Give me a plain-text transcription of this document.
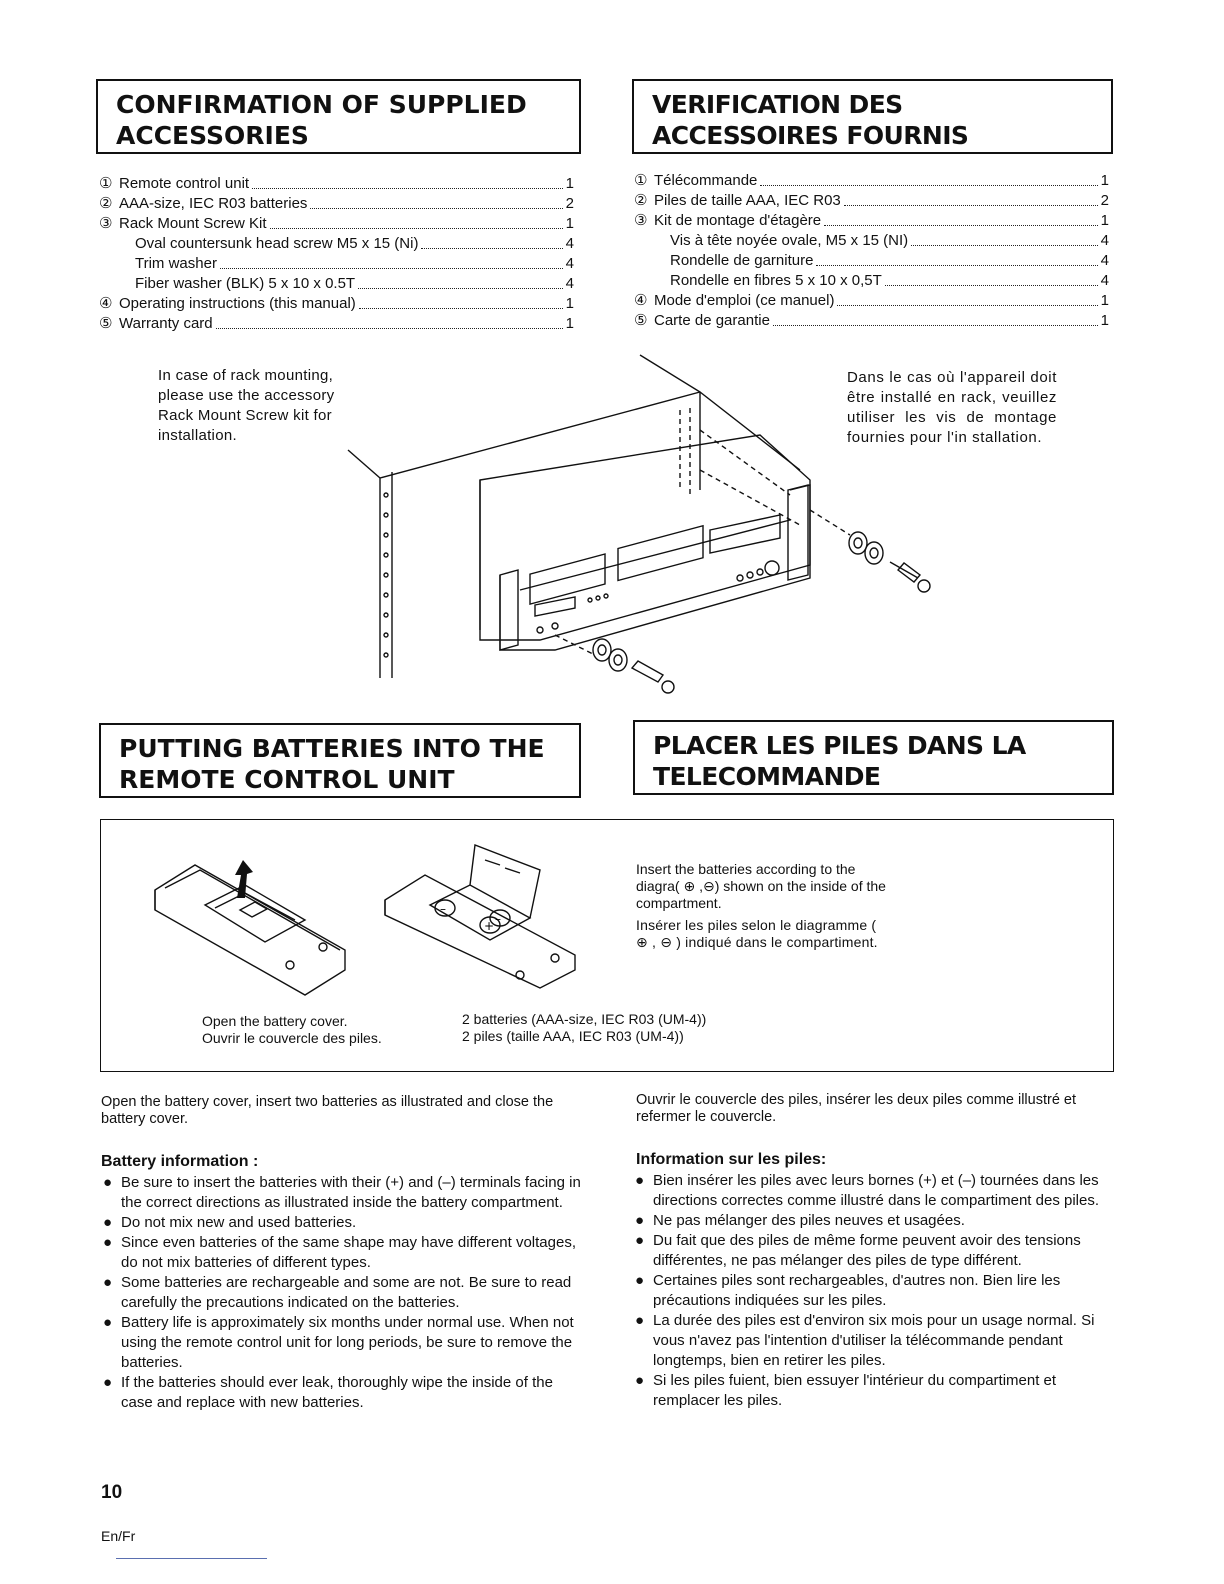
CONFIRMATION OF SUPPLIED ACCESSORIES
VERIFICATION DES ACCESSOIRES FOURNIS
① Remote control unit	1
② AAA-size, IEC R03 batteries	2
③ Rack Mount Screw Kit	1
Oval countersunk head screw M5 x 15 (Ni)	4
Trim washer	4
Fiber washer (BLK) 5 x 10 x 0.5T	4
④ Operating instructions (this manual)	1
⑤ Warranty card	1
① Télécommande	1
② Piles de taille AAA, IEC R03	2
③ Kit de montage d'étagère	1
Vis à tête noyée ovale, M5 x 15 (NI)	4
Rondelle de garniture	4
Rondelle en fibres 5 x 10 x 0,5T	4
④ Mode d'emploi (ce manuel)	1
⑤ Carte de garantie	1
In case of rack mounting, please use the accessory Rack Mount Screw kit for installation.
Dans le cas où l'appareil doit être installé en rack, veuillez utiliser les vis de montage fournies pour l'in stallation.
PUTTING BATTERIES INTO THE REMOTE CONTROL UNIT
PLACER LES PILES DANS LA TELECOMMANDE
–
+ –
Insert the batteries according to the diagra( ⊕ ,⊖) shown on the inside of the compartment.
Insérer les piles selon le diagramme ( ⊕ , ⊖ ) indiqué dans le compartiment.
Open the battery cover.
Ouvrir le couvercle des piles.
2 batteries (AAA-size, IEC R03 (UM-4))
2 piles (taille AAA, IEC R03 (UM-4))
Open the battery cover, insert two batteries as illustrated and close the battery cover.
Ouvrir le couvercle des piles, insérer les deux piles comme illustré et refermer le couvercle.
Battery information :
● Be sure to insert the batteries with their (+) and (–) terminals facing in the correct directions as illustrated inside the battery compartment.
● Do not mix new and used batteries.
● Since even batteries of the same shape may have different voltages, do not mix batteries of different types.
● Some batteries are rechargeable and some are not. Be sure to read carefully the precautions indicated on the batteries.
● Battery life is approximately six months under normal use. When not using the remote control unit for long periods, be sure to remove the batteries.
● If the batteries should ever leak, thoroughly wipe the inside of the case and replace with new batteries.
Information sur les piles:
● Bien insérer les piles avec leurs bornes (+) et (–) tournées dans les directions correctes comme illustré dans le compartiment des piles.
● Ne pas mélanger des piles neuves et usagées.
● Du fait que des piles de même forme peuvent avoir des tensions différentes, ne pas mélanger des piles de type différent.
● Certaines piles sont rechargeables, d'autres non. Bien lire les précautions indiquées sur les piles.
● La durée des piles est d'environ six mois pour un usage normal. Si vous n'avez pas l'intention d'utiliser la télécommande pendant longtemps, bien en retirer les piles.
● Si les piles fuient, bien essuyer l'intérieur du compartiment et remplacer les piles.
10
En/Fr
